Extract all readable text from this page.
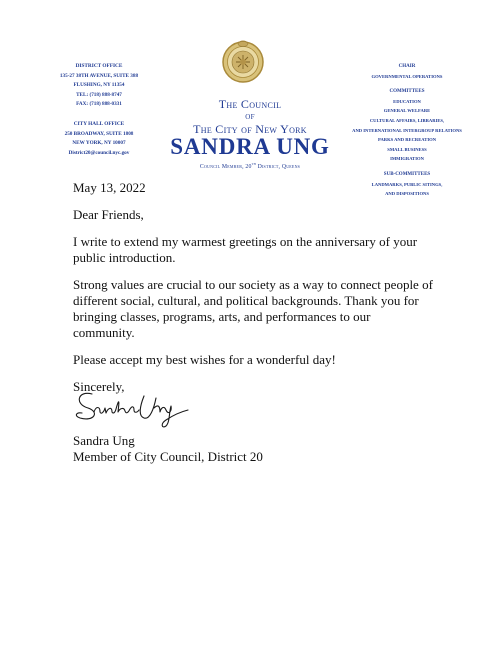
DISTRICT OFFICE
135-27 38TH AVENUE, SUITE 388
FLUSHING, NY 11354
TEL: (718) 888-8747
FAX: (718) 888-0331
CITY HALL OFFICE
250 BROADWAY, SUITE 1808
NEW YORK, NY 10007
District20@council.nyc.gov
The Council
of
The City of New York
SANDRA UNG
Council Member, 20th District, Queens
CHAIR
GOVERNMENTAL OPERATIONS
COMMITTEES
EDUCATION
GENERAL WELFARE
CULTURAL AFFAIRS, LIBRARIES,
AND INTERNATIONAL INTERGROUP RELATIONS
PARKS AND RECREATION
SMALL BUSINESS
IMMIGRATION
SUB-COMMITTEES
LANDMARKS, PUBLIC SITINGS,
AND DISPOSITIONS

May 13, 2022

Dear Friends,

I write to extend my warmest greetings on the anniversary of your public introduction.

Strong values are crucial to our society as a way to connect people of different social, cultural, and political backgrounds. Thank you for bringing classes, programs, arts, and performances to our community.

Please accept my best wishes for a wonderful day!

Sincerely,

Sandra Ung
Member of City Council, District 20
